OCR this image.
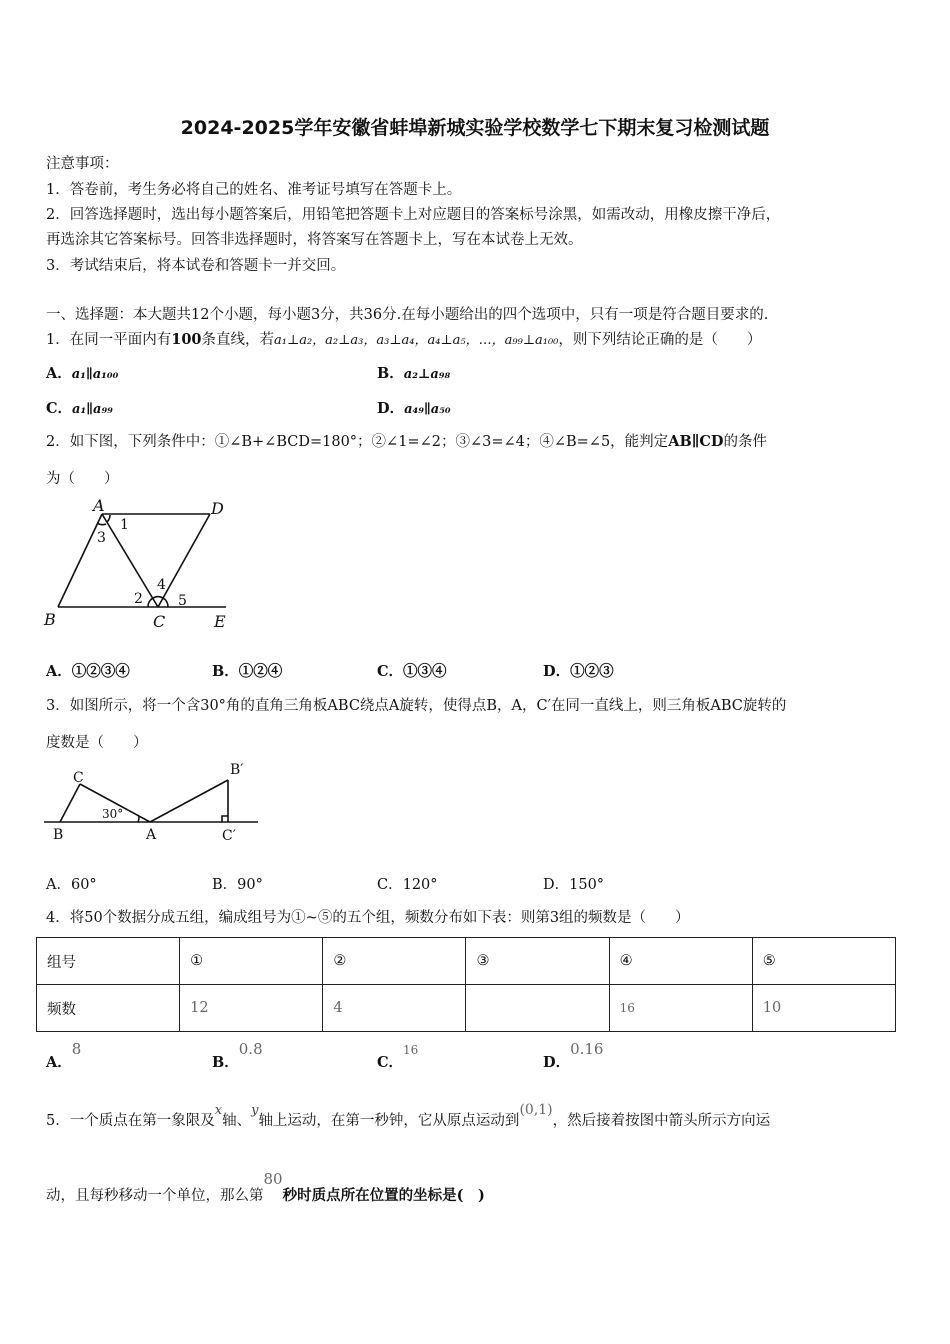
2024-2025学年安徽省蚌埠新城实验学校数学七下期末复习检测试题
注意事项：
1．答卷前，考生务必将自己的姓名、准考证号填写在答题卡上。
2．回答选择题时，选出每小题答案后，用铅笔把答题卡上对应题目的答案标号涂黑，如需改动，用橡皮擦干净后，
再选涂其它答案标号。回答非选择题时，将答案写在答题卡上，写在本试卷上无效。
3．考试结束后，将本试卷和答题卡一并交回。
一、选择题：本大题共12个小题，每小题3分，共36分.在每小题给出的四个选项中，只有一项是符合题目要求的.
1．在同一平面内有100条直线，若a₁⊥a₂，a₂⊥a₃，a₃⊥a₄，a₄⊥a₅，…，a₉₉⊥a₁₀₀，则下列结论正确的是（　　）
A．a₁∥a₁₀₀	B．a₂⊥a₉₈
C．a₁∥a₉₉	D．a₄₉∥a₅₀
2．如下图，下列条件中：①∠B+∠BCD=180°；②∠1=∠2；③∠3=∠4；④∠B=∠5，能判定AB∥CD的条件
为（　　）
A	D
B	C	E
1
3
2
4
5
A．①②③④	B．①②④	C．①③④	D．①②③
3．如图所示，将一个含30°角的直角三角板ABC绕点A旋转，使得点B，A，C′在同一直线上，则三角板ABC旋转的
度数是（　　）
C
B	A
B′
C′
30°
A．60°	B．90°	C．120°	D．150°
4．将50个数据分成五组，编成组号为①~⑤的五个组，频数分布如下表：则第3组的频数是（　　）
组号	①	②	③	④	⑤
频数	12	4		16	10
A．8
B．0.8
C．16
D．0.16
5．一个质点在第一象限及x轴、y轴上运动，在第一秒钟，它从原点运动到(0,1)，然后接着按图中箭头所示方向运
动，且每秒移动一个单位，那么第80秒时质点所在位置的坐标是(　)
